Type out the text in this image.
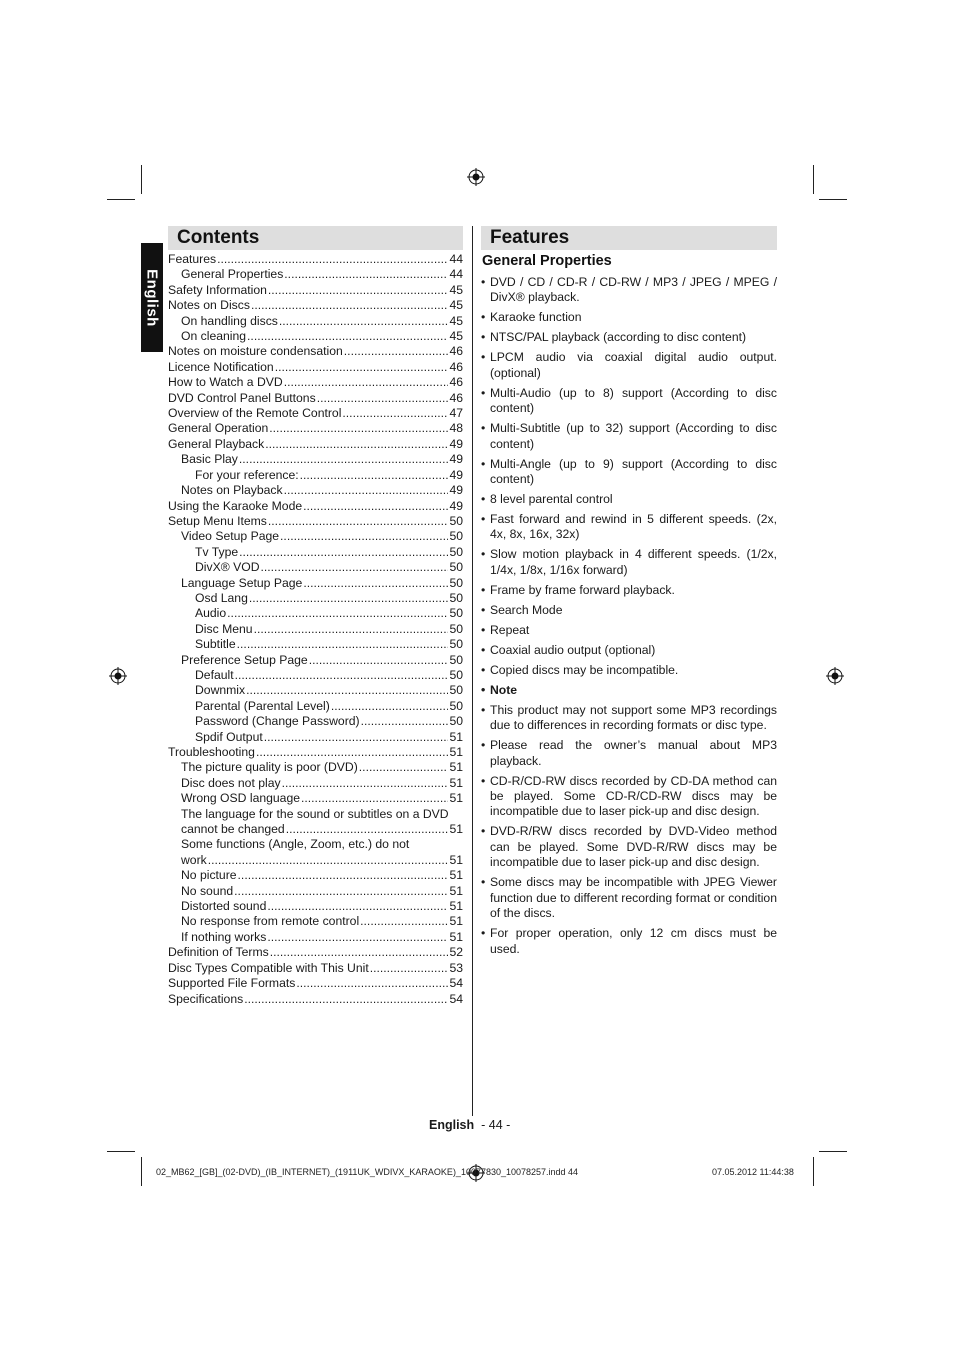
English
Contents
Features .....	44
General Properties .....	44
Safety Information .....	45
Notes on Discs .....	45
On handling discs .....	45
On cleaning .....	45
Notes on moisture condensation .....	46
Licence Notification .....	46
How to Watch a DVD .....	46
DVD Control Panel Buttons .....	46
Overview of the Remote Control .....	47
General Operation .....	48
General Playback .....	49
Basic Play .....	49
For your reference: .....	49
Notes on Playback .....	49
Using the Karaoke Mode .....	49
Setup Menu Items .....	50
Video Setup Page .....	50
Tv Type .....	50
DivX® VOD .....	50
Language Setup Page .....	50
Osd Lang .....	50
Audio .....	50
Disc Menu .....	50
Subtitle .....	50
Preference Setup Page .....	50
Default .....	50
Downmix .....	50
Parental (Parental Level) .....	50
Password (Change Password) .....	50
Spdif Output .....	51
Troubleshooting .....	51
The picture quality is poor (DVD) .....	51
Disc does not play .....	51
Wrong OSD language .....	51
The language for the sound or subtitles on a DVD
cannot be changed .....	51
Some functions (Angle, Zoom, etc.) do not
work .....	51
No picture .....	51
No sound .....	51
Distorted sound .....	51
No response from remote control .....	51
If nothing works .....	51
Definition of Terms .....	52
Disc Types Compatible with This Unit .....	53
Supported File Formats .....	54
Specifications .....	54
Features
General Properties
• DVD / CD / CD-R / CD-RW / MP3 / JPEG / MPEG / DivX® playback.
• Karaoke function
• NTSC/PAL playback (according to disc content)
• LPCM audio via coaxial digital audio output. (optional)
• Multi-Audio (up to 8) support (According to disc content)
• Multi-Subtitle (up to 32) support (According to disc content)
• Multi-Angle (up to 9) support (According to disc content)
• 8 level parental control
• Fast forward and rewind in 5 different speeds. (2x, 4x, 8x, 16x, 32x)
• Slow motion playback in 4 different speeds. (1/2x, 1/4x, 1/8x, 1/16x forward)
• Frame by frame forward playback.
• Search Mode
• Repeat
• Coaxial audio output (optional)
• Copied discs may be incompatible.
• Note
• This product may not support some MP3 recordings due to differences in recording formats or disc type.
• Please read the owner’s manual about MP3 playback.
• CD-R/CD-RW discs recorded by CD-DA method can be played. Some CD-R/CD-RW discs may be incompatible due to laser pick-up and disc design.
• DVD-R/RW discs recorded by DVD-Video method can be played. Some DVD-R/RW discs may be incompatible due to laser pick-up and disc design.
• Some discs may be incompatible with JPEG Viewer function due to different recording format or condition of the discs.
• For proper operation, only 12 cm discs must be used.
English - 44 -
02_MB62_[GB]_(02-DVD)_(IB_INTERNET)_(1911UK_WDIVX_KARAOKE)_10077830_10078257.indd 44	07.05.2012 11:44:38
